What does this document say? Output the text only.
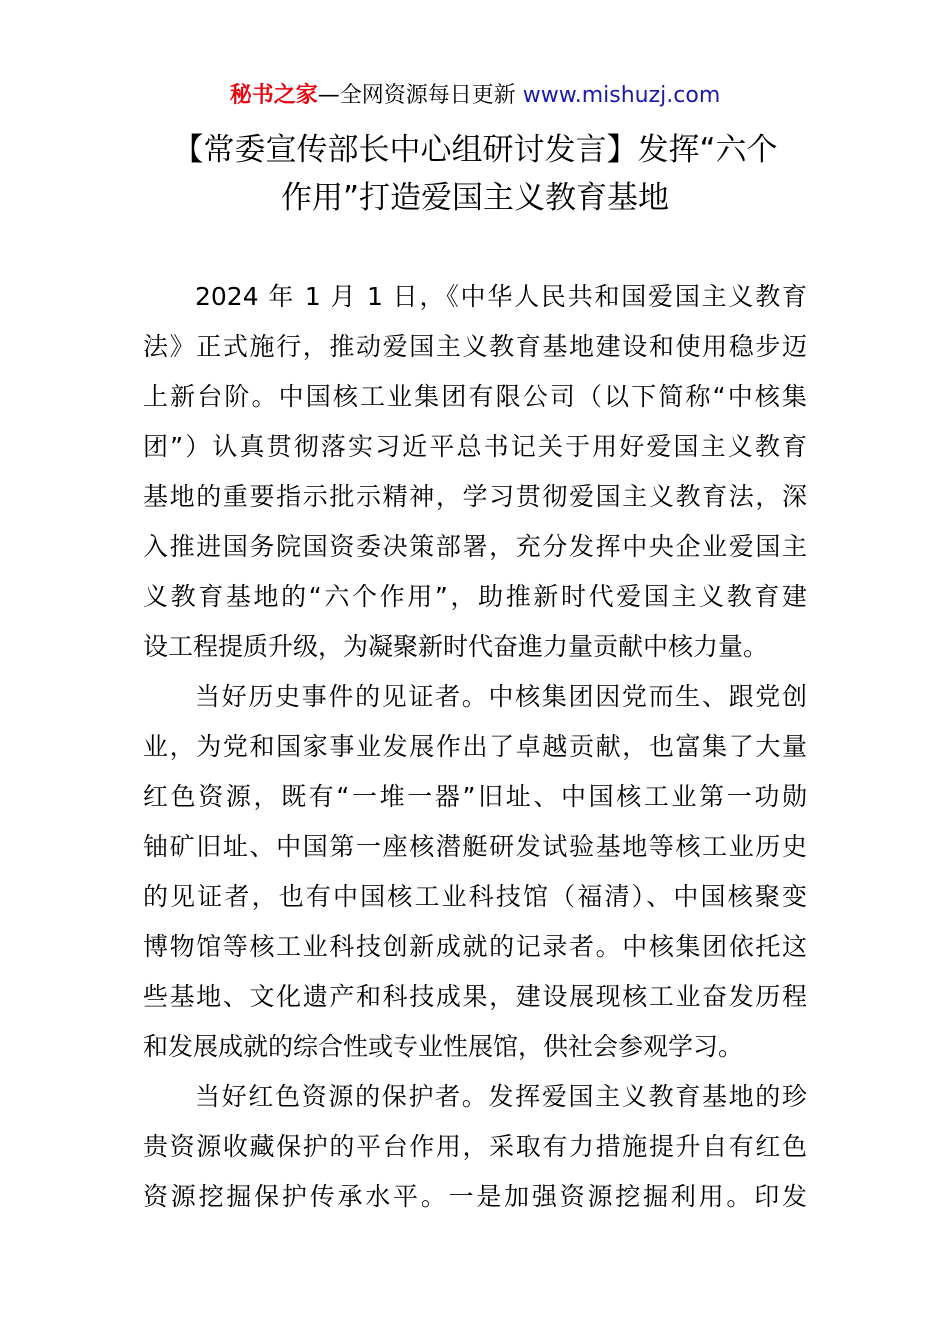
秘书之家—全网资源每日更新 www.mishuzj.com
【常委宣传部长中心组研讨发言】发挥“六个
作用”打造爱国主义教育基地
2024 年 1 月 1 日，《中华人民共和国爱国主义教育
法》正式施行，推动爱国主义教育基地建设和使用稳步迈
上新台阶。中国核工业集团有限公司（以下简称“中核集
团”）认真贯彻落实习近平总书记关于用好爱国主义教育
基地的重要指示批示精神，学习贯彻爱国主义教育法，深
入推进国务院国资委决策部署，充分发挥中央企业爱国主
义教育基地的“六个作用”，助推新时代爱国主义教育建
设工程提质升级，为凝聚新时代奋進力量贡献中核力量。
当好历史事件的见证者。中核集团因党而生、跟党创
业，为党和国家事业发展作出了卓越贡献，也富集了大量
红色资源，既有“一堆一器”旧址、中国核工业第一功勋
铀矿旧址、中国第一座核潜艇研发试验基地等核工业历史
的见证者，也有中国核工业科技馆（福清）、中国核聚变
博物馆等核工业科技创新成就的记录者。中核集团依托这
些基地、文化遗产和科技成果，建设展现核工业奋发历程
和发展成就的综合性或专业性展馆，供社会参观学习。
当好红色资源的保护者。发挥爱国主义教育基地的珍
贵资源收藏保护的平台作用，采取有力措施提升自有红色
资源挖掘保护传承水平。一是加强资源挖掘利用。印发
